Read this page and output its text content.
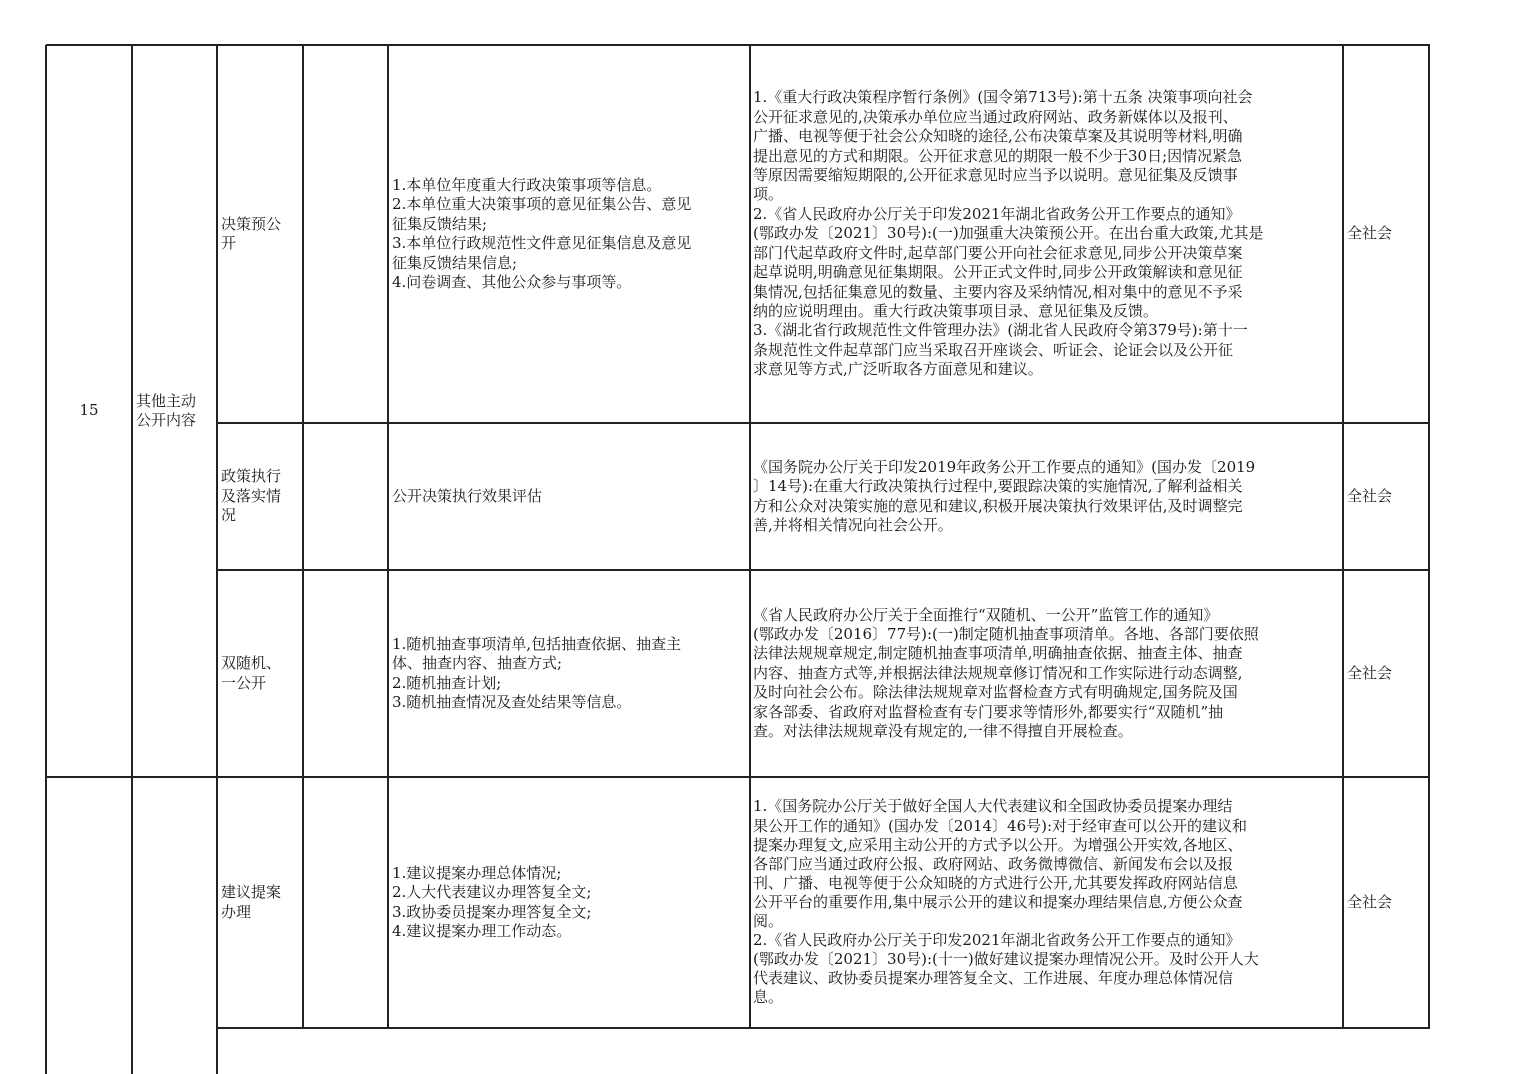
15
其他主动
公开内容
决策预公
开
1.本单位年度重大行政决策事项等信息。
2.本单位重大决策事项的意见征集公告、意见
征集反馈结果;
3.本单位行政规范性文件意见征集信息及意见
征集反馈结果信息;
4.问卷调查、其他公众参与事项等。
1.《重大行政决策程序暂行条例》(国令第713号):第十五条 决策事项向社会
公开征求意见的,决策承办单位应当通过政府网站、政务新媒体以及报刊、
广播、电视等便于社会公众知晓的途径,公布决策草案及其说明等材料,明确
提出意见的方式和期限。公开征求意见的期限一般不少于30日;因情况紧急
等原因需要缩短期限的,公开征求意见时应当予以说明。意见征集及反馈事
项。
2.《省人民政府办公厅关于印发2021年湖北省政务公开工作要点的通知》
(鄂政办发〔2021〕30号):(一)加强重大决策预公开。在出台重大政策,尤其是
部门代起草政府文件时,起草部门要公开向社会征求意见,同步公开决策草案
起草说明,明确意见征集期限。公开正式文件时,同步公开政策解读和意见征
集情况,包括征集意见的数量、主要内容及采纳情况,相对集中的意见不予采
纳的应说明理由。重大行政决策事项目录、意见征集及反馈。
3.《湖北省行政规范性文件管理办法》(湖北省人民政府令第379号):第十一
条规范性文件起草部门应当采取召开座谈会、听证会、论证会以及公开征
求意见等方式,广泛听取各方面意见和建议。
全社会
政策执行
及落实情
况
公开决策执行效果评估
《国务院办公厅关于印发2019年政务公开工作要点的通知》(国办发〔2019
〕14号):在重大行政决策执行过程中,要跟踪决策的实施情况,了解利益相关
方和公众对决策实施的意见和建议,积极开展决策执行效果评估,及时调整完
善,并将相关情况向社会公开。
全社会
双随机、
一公开
1.随机抽查事项清单,包括抽查依据、抽查主
体、抽查内容、抽查方式;
2.随机抽查计划;
3.随机抽查情况及查处结果等信息。
《省人民政府办公厅关于全面推行“双随机、一公开”监管工作的通知》
(鄂政办发〔2016〕77号):(一)制定随机抽查事项清单。各地、各部门要依照
法律法规规章规定,制定随机抽查事项清单,明确抽查依据、抽查主体、抽查
内容、抽查方式等,并根据法律法规规章修订情况和工作实际进行动态调整,
及时向社会公布。除法律法规规章对监督检查方式有明确规定,国务院及国
家各部委、省政府对监督检查有专门要求等情形外,都要实行“双随机”抽
查。对法律法规规章没有规定的,一律不得擅自开展检查。
全社会
建议提案
办理
1.建议提案办理总体情况;
2.人大代表建议办理答复全文;
3.政协委员提案办理答复全文;
4.建议提案办理工作动态。
1.《国务院办公厅关于做好全国人大代表建议和全国政协委员提案办理结
果公开工作的通知》(国办发〔2014〕46号):对于经审查可以公开的建议和
提案办理复文,应采用主动公开的方式予以公开。为增强公开实效,各地区、
各部门应当通过政府公报、政府网站、政务微博微信、新闻发布会以及报
刊、广播、电视等便于公众知晓的方式进行公开,尤其要发挥政府网站信息
公开平台的重要作用,集中展示公开的建议和提案办理结果信息,方便公众查
阅。
2.《省人民政府办公厅关于印发2021年湖北省政务公开工作要点的通知》
(鄂政办发〔2021〕30号):(十一)做好建议提案办理情况公开。及时公开人大
代表建议、政协委员提案办理答复全文、工作进展、年度办理总体情况信
息。
全社会
